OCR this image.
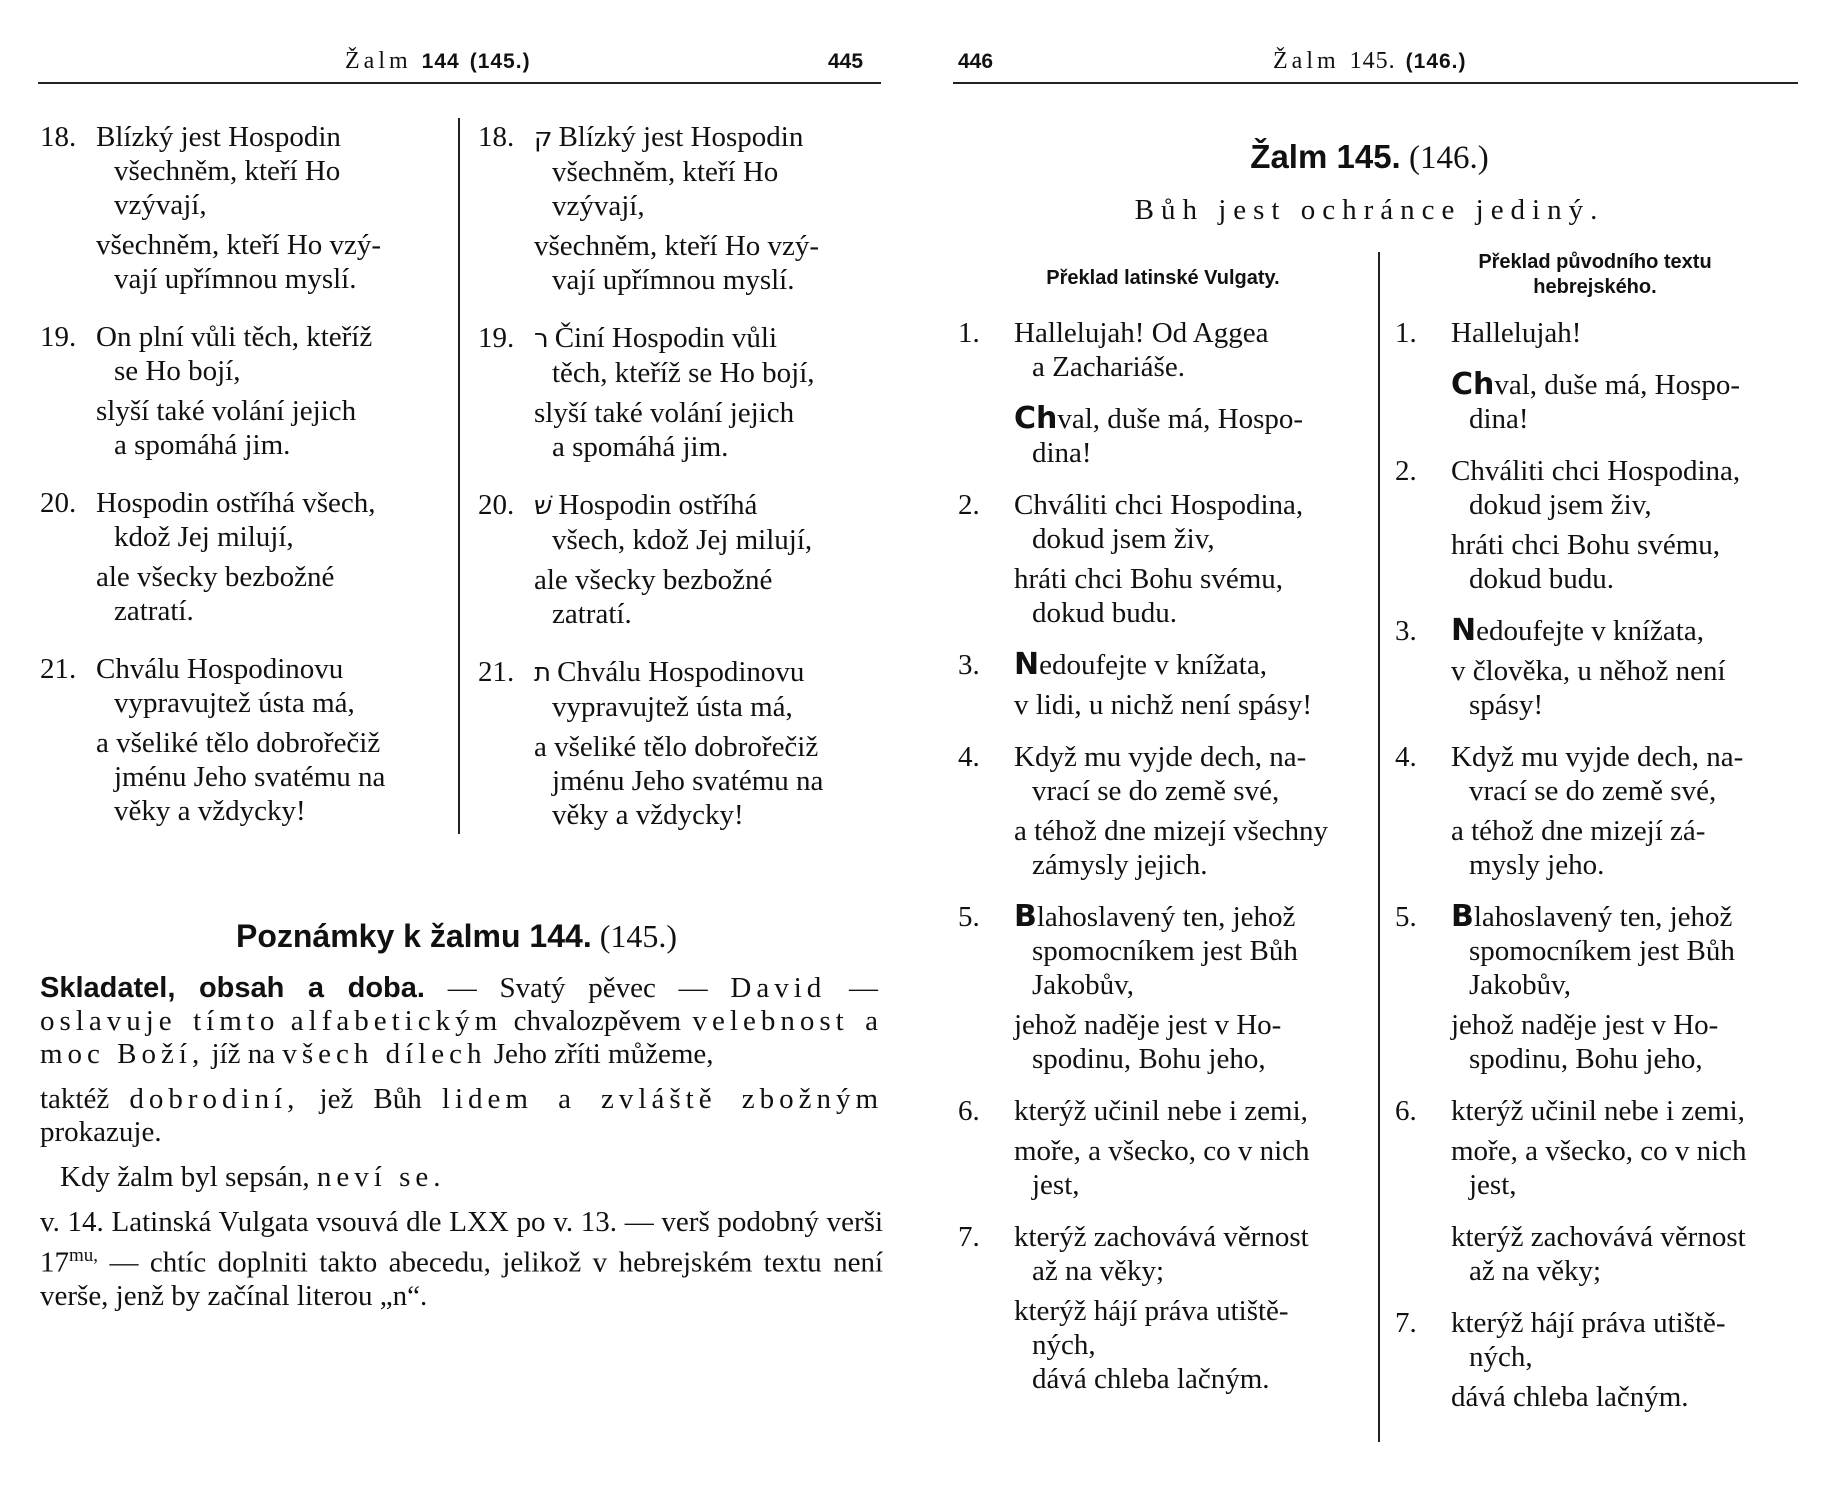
Žalm 144 (145.)	445
18. Blízký jest Hospodin
všechněm, kteří Ho
vzývají,
všechněm, kteří Ho vzý-
vají upřímnou myslí.
19. On plní vůli těch, kteříž
se Ho bojí,
slyší také volání jejich
a spomáhá jim.
20. Hospodin ostříhá všech,
kdož Jej milují,
ale všecky bezbožné
zatratí.
21. Chválu Hospodinovu
vypravujtež ústa má,
a všeliké tělo dobrořečiž
jménu Jeho svatému na
věky a vždycky!
18. ק Blízký jest Hospodin
všechněm, kteří Ho
vzývají,
všechněm, kteří Ho vzý-
vají upřímnou myslí.
19. ר Činí Hospodin vůli
těch, kteříž se Ho bojí,
slyší také volání jejich
a spomáhá jim.
20. שׁ Hospodin ostříhá
všech, kdož Jej milují,
ale všecky bezbožné
zatratí.
21. ת Chválu Hospodinovu
vypravujtež ústa má,
a všeliké tělo dobrořečiž
jménu Jeho svatému na
věky a vždycky!
Poznámky k žalmu 144. (145.)

Skladatel, obsah a doba. — Svatý pěvec — David — oslavuje tímto alfabetickým chvalozpěvem velebnost a moc Boží, jíž na všech dílech Jeho zříti můžeme,

taktéž dobrodiní, jež Bůh lidem a zvláště zbožným prokazuje.

Kdy žalm byl sepsán, neví se.

v. 14. Latinská Vulgata vsouvá dle LXX po v. 13. — verš podobný verši $17^{mu,}$ — chtíc doplniti takto abecedu, jelikož v hebrejském textu není verše, jenž by začínal literou „n“.

446	Žalm 145. (146.)
Žalm 145. (146.)
Bůh jest ochránce jediný.
Překlad latinské Vulgaty.
Překlad původního textu
hebrejského.
1. Hallelujah! Od Aggea
a Zachariáše.
Chval, duše má, Hospo-
dina!
2. Chváliti chci Hospodina,
dokud jsem živ,
hráti chci Bohu svému,
dokud budu.
3. Nedoufejte v knížata,
v lidi, u nichž není spásy!
4. Když mu vyjde dech, na-
vrací se do země své,
a téhož dne mizejí všechny
zámysly jejich.
5. Blahoslavený ten, jehož
spomocníkem jest Bůh
Jakobův,
jehož naděje jest v Ho-
spodinu, Bohu jeho,
6. kterýž učinil nebe i zemi,
moře, a všecko, co v nich
jest,
7. kterýž zachovává věrnost
až na věky;
kterýž hájí práva utiště-
ných,
dává chleba lačným.
1. Hallelujah!
Chval, duše má, Hospo-
dina!
2. Chváliti chci Hospodina,
dokud jsem živ,
hráti chci Bohu svému,
dokud budu.
3. Nedoufejte v knížata,
v člověka, u něhož není
spásy!
4. Když mu vyjde dech, na-
vrací se do země své,
a téhož dne mizejí zá-
mysly jeho.
5. Blahoslavený ten, jehož
spomocníkem jest Bůh
Jakobův,
jehož naděje jest v Ho-
spodinu, Bohu jeho,
6. kterýž učinil nebe i zemi,
moře, a všecko, co v nich
jest,
kterýž zachovává věrnost
až na věky;
7. kterýž hájí práva utiště-
ných,
dává chleba lačným.
